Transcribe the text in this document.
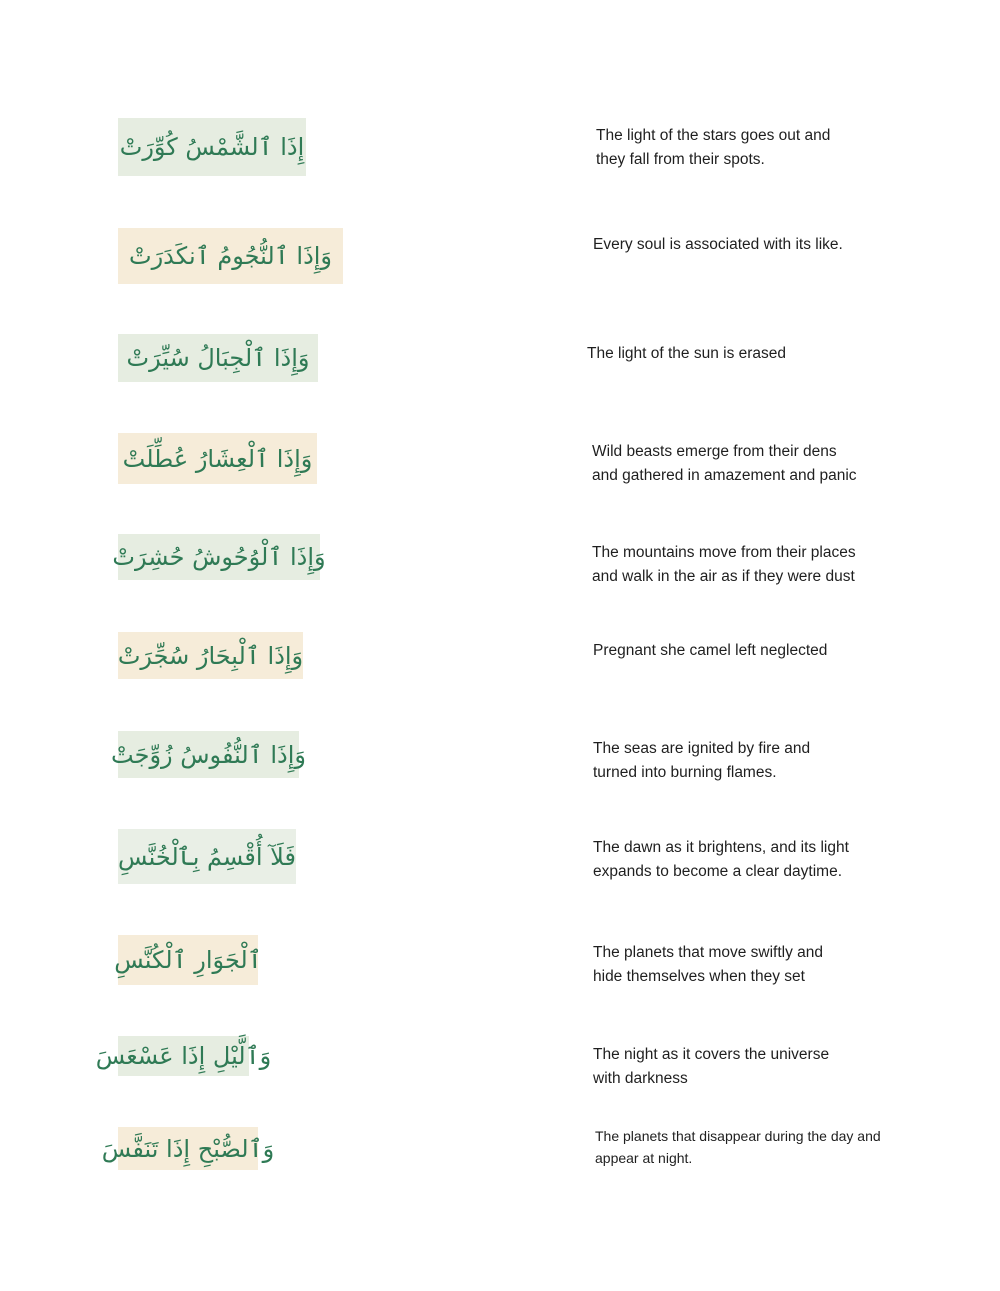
إِذَا ٱلشَّمْسُ كُوِّرَتْ
وَإِذَا ٱلنُّجُومُ ٱنكَدَرَتْ
وَإِذَا ٱلْجِبَالُ سُيِّرَتْ
وَإِذَا ٱلْعِشَارُ عُطِّلَتْ
وَإِذَا ٱلْوُحُوشُ حُشِرَتْ
وَإِذَا ٱلْبِحَارُ سُجِّرَتْ
وَإِذَا ٱلنُّفُوسُ زُوِّجَتْ
فَلَآ أُقْسِمُ بِٱلْخُنَّسِ
ٱلْجَوَارِ ٱلْكُنَّسِ
وَٱلَّيْلِ إِذَا عَسْعَسَ
وَٱلصُّبْحِ إِذَا تَنَفَّسَ
The light of the stars goes out and
they fall from their spots.
Every soul is associated with its like.
The light of the sun is erased
Wild beasts emerge from their dens
and gathered in amazement and panic
The mountains move from their places
and walk in the air as if they were dust
Pregnant she camel left neglected
The seas are ignited by fire and
turned into burning flames.
The dawn as it brightens, and its light
expands to become a clear daytime.
The planets that move swiftly and
hide themselves when they set
The night as it covers the universe
with darkness
The planets that disappear during the day and
appear at night.
